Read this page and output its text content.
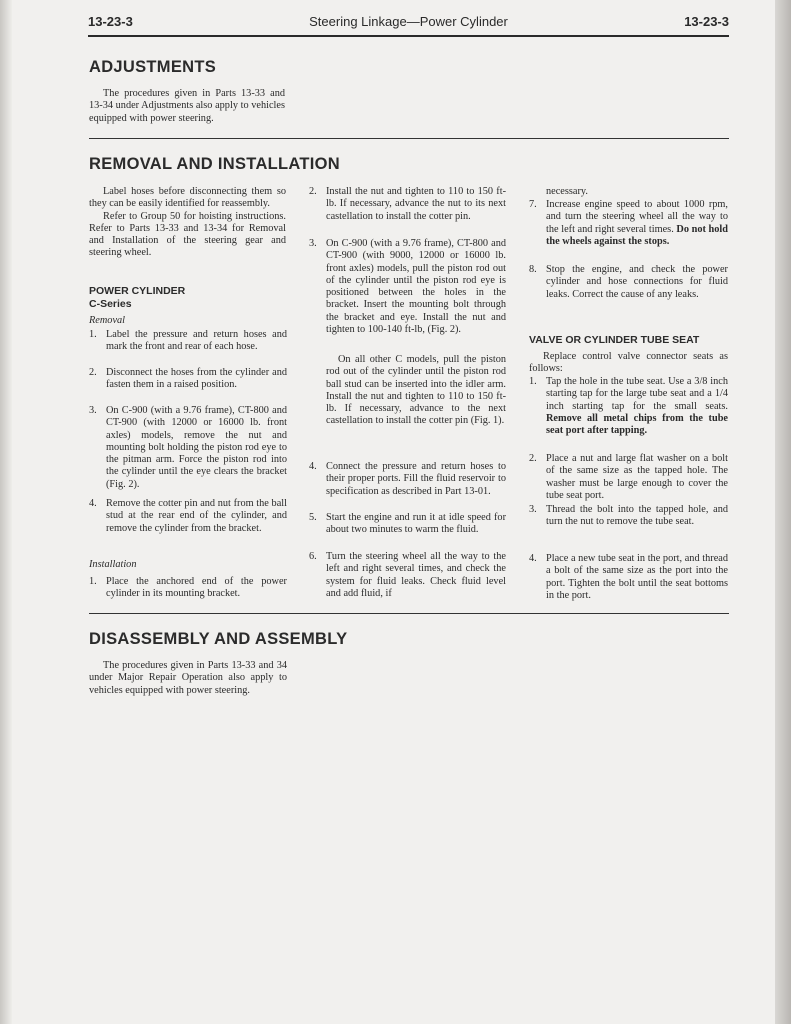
13-23-3	Steering Linkage—Power Cylinder	13-23-3
ADJUSTMENTS

The procedures given in Parts 13-33 and 13-34 under Adjustments also apply to vehicles equipped with power steering.

REMOVAL AND INSTALLATION

Label hoses before disconnecting them so they can be easily identified for reassembly.

Refer to Group 50 for hoisting instructions. Refer to Parts 13-33 and 13-34 for Removal and Installation of the steering gear and steering wheel.

POWER CYLINDER
C-Series
Removal
1. Label the pressure and return hoses and mark the front and rear of each hose.
2. Disconnect the hoses from the cylinder and fasten them in a raised position.
3. On C-900 (with a 9.76 frame), CT-800 and CT-900 (with 12000 or 16000 lb. front axles) models, remove the nut and mounting bolt holding the piston rod eye to the pitman arm. Force the piston rod into the cylinder until the eye clears the bracket (Fig. 2).
4. Remove the cotter pin and nut from the ball stud at the rear end of the cylinder, and remove the cylinder from the bracket.
Installation
1. Place the anchored end of the power cylinder in its mounting bracket.
2. Install the nut and tighten to 110 to 150 ft-lb. If necessary, advance the nut to its next castellation to install the cotter pin.
3. On C-900 (with a 9.76 frame), CT-800 and CT-900 (with 9000, 12000 or 16000 lb. front axles) models, pull the piston rod out of the cylinder until the piston rod eye is positioned between the holes in the bracket. Insert the mounting bolt through the bracket and eye. Install the nut and tighten to 100-140 ft-lb, (Fig. 2).
On all other C models, pull the piston rod out of the cylinder until the piston rod ball stud can be inserted into the idler arm. Install the nut and tighten to 110 to 150 ft-lb. If necessary, advance to the next castellation to install the cotter pin (Fig. 1).
4. Connect the pressure and return hoses to their proper ports. Fill the fluid reservoir to specification as described in Part 13-01.
5. Start the engine and run it at idle speed for about two minutes to warm the fluid.
6. Turn the steering wheel all the way to the left and right several times, and check the system for fluid leaks. Check fluid level and add fluid, if
necessary.
7. Increase engine speed to about 1000 rpm, and turn the steering wheel all the way to the left and right several times. Do not hold the wheels against the stops.
8. Stop the engine, and check the power cylinder and hose connections for fluid leaks. Correct the cause of any leaks.
VALVE OR CYLINDER TUBE SEAT

Replace control valve connector seats as follows:

1. Tap the hole in the tube seat. Use a 3/8 inch starting tap for the large tube seat and a 1/4 inch starting tap for the small seats. Remove all metal chips from the tube seat port after tapping.
2. Place a nut and large flat washer on a bolt of the same size as the tapped hole. The washer must be large enough to cover the tube seat port.
3. Thread the bolt into the tapped hole, and turn the nut to remove the tube seat.
4. Place a new tube seat in the port, and thread a bolt of the same size as the port into the port. Tighten the bolt until the seat bottoms in the port.
DISASSEMBLY AND ASSEMBLY

The procedures given in Parts 13-33 and 34 under Major Repair Operation also apply to vehicles equipped with power steering.
